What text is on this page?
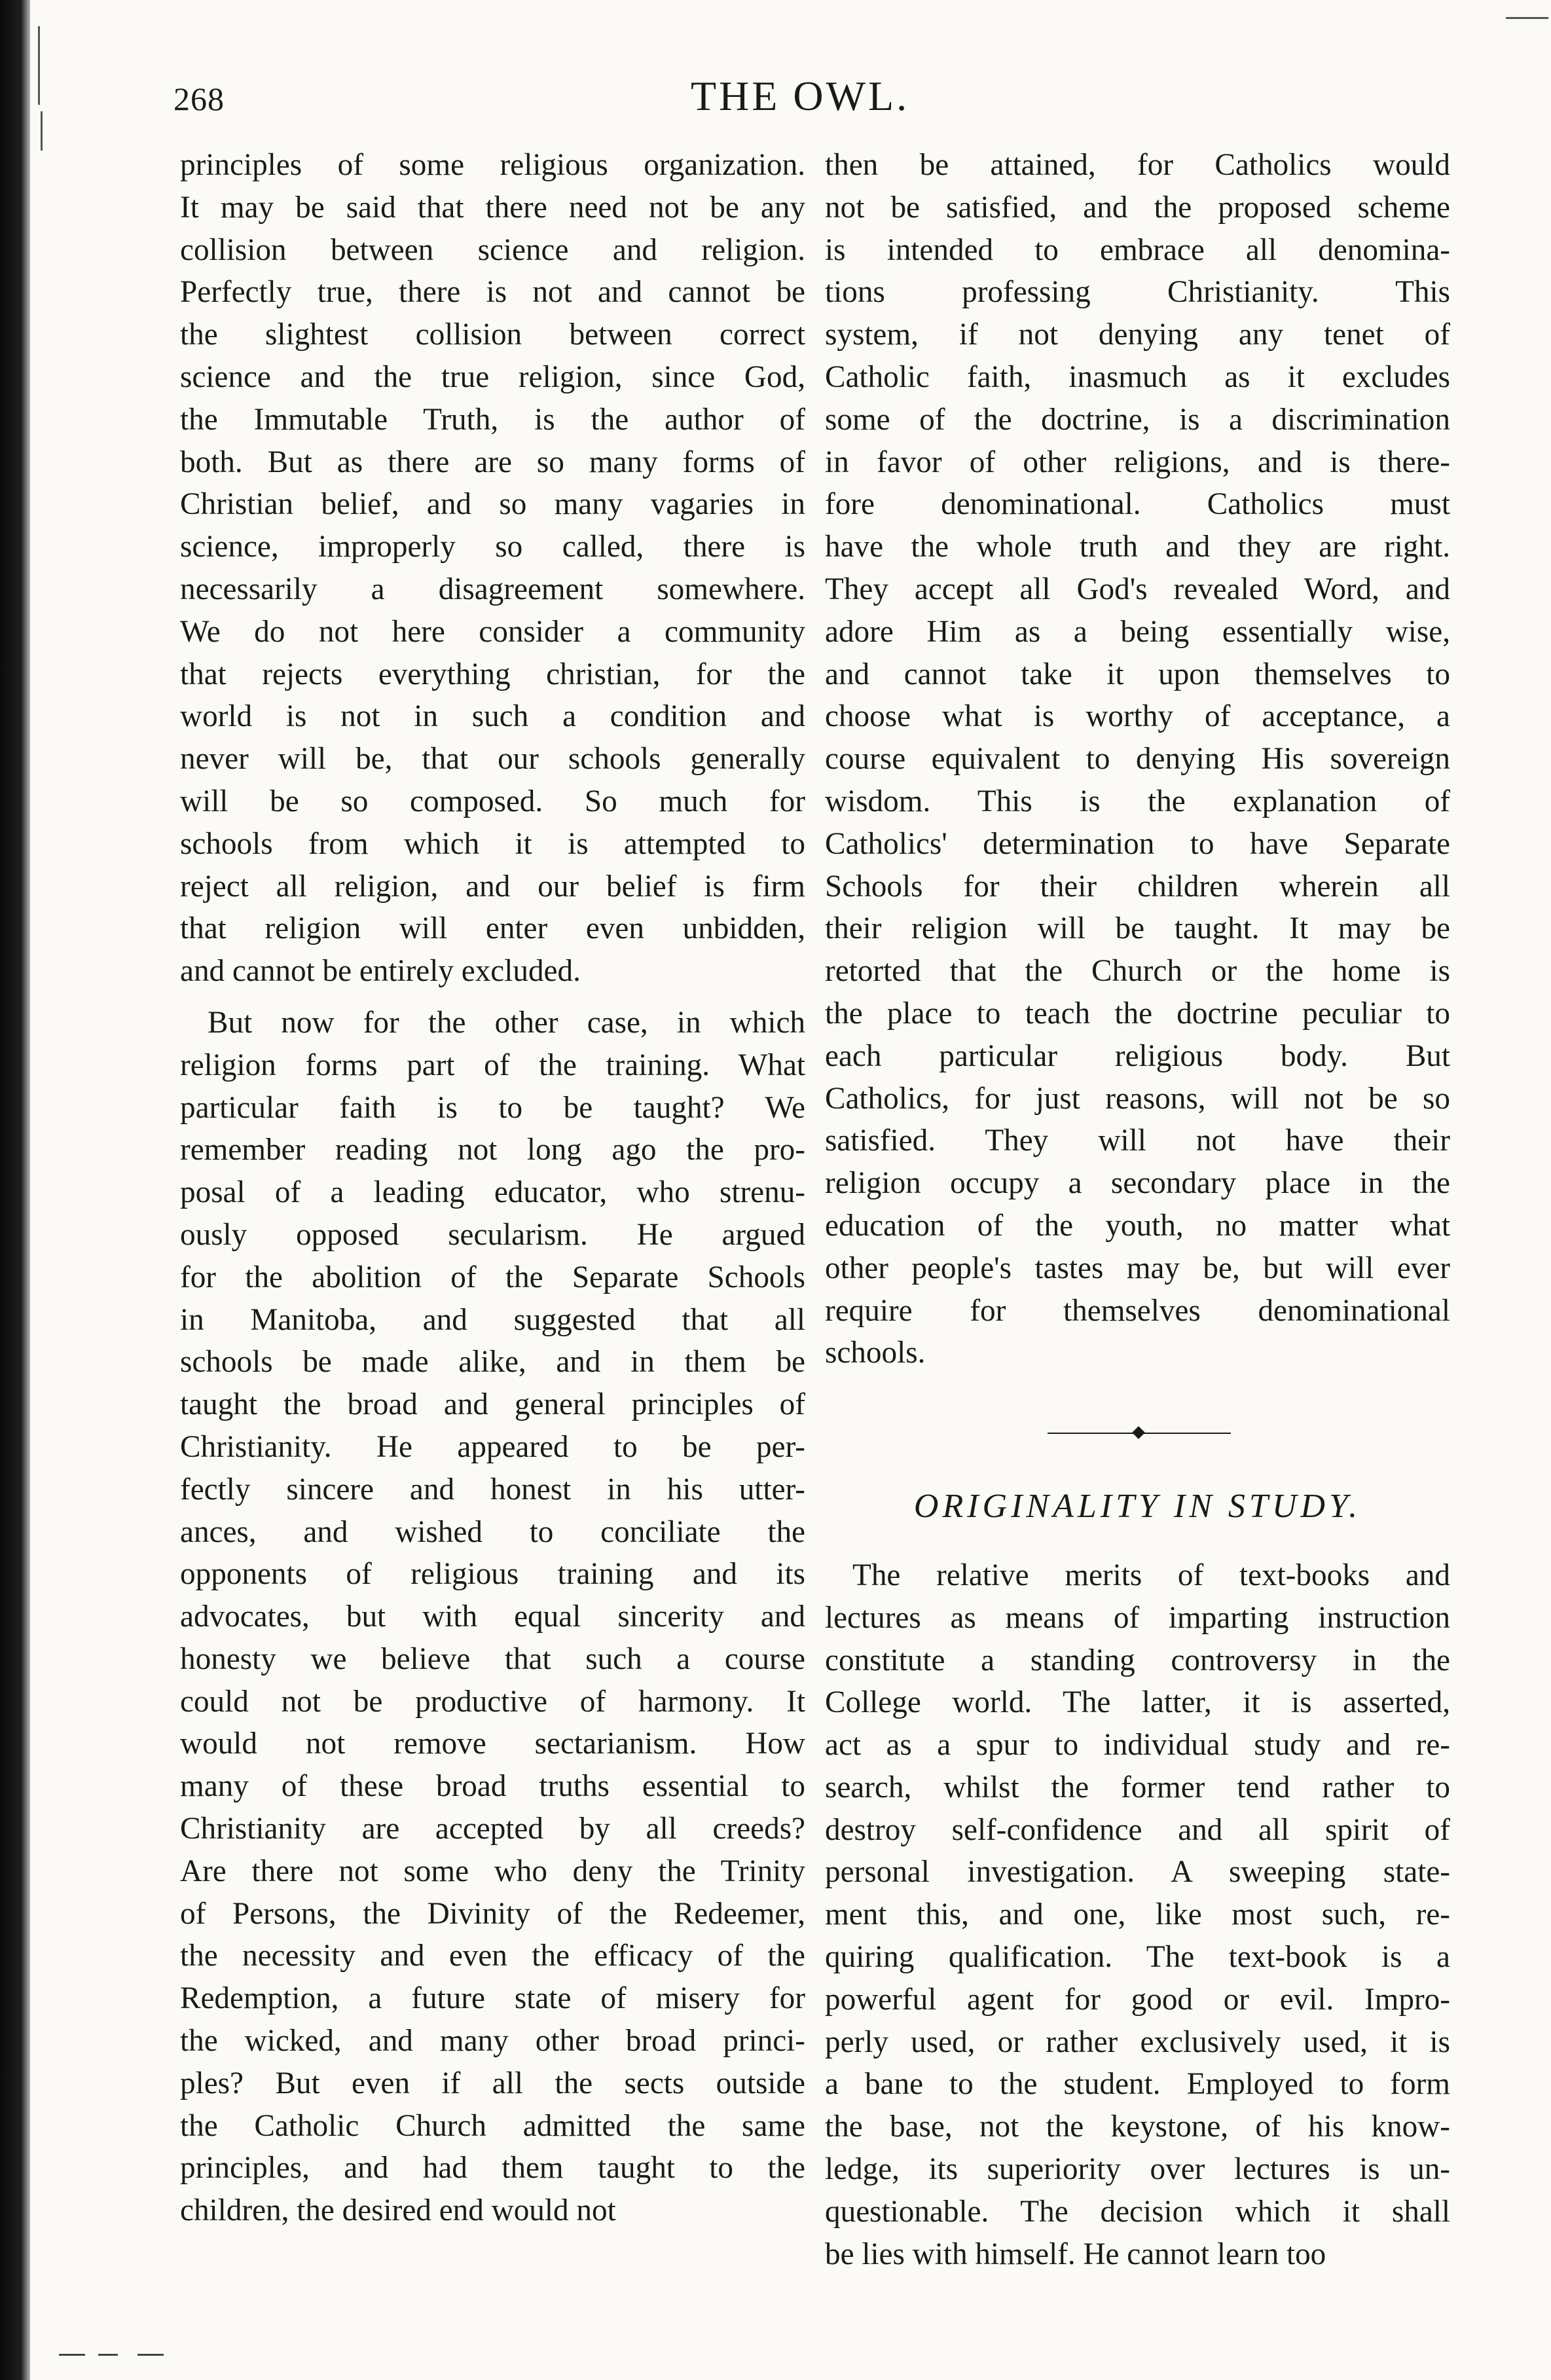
268	THE OWL.
principles of some religious organization.
It may be said that there need not be any
collision between science and religion.
Perfectly true, there is not and cannot be
the slightest collision between correct
science and the true religion, since God,
the Immutable Truth, is the author of
both. But as there are so many forms of
Christian belief, and so many vagaries in
science, improperly so called, there is
necessarily a disagreement somewhere.
We do not here consider a community
that rejects everything christian, for the
world is not in such a condition and
never will be, that our schools generally
will be so composed. So much for
schools from which it is attempted to
reject all religion, and our belief is firm
that religion will enter even unbidden,
and cannot be entirely excluded.
But now for the other case, in which
religion forms part of the training. What
particular faith is to be taught? We
remember reading not long ago the pro-
posal of a leading educator, who strenu-
ously opposed secularism. He argued
for the abolition of the Separate Schools
in Manitoba, and suggested that all
schools be made alike, and in them be
taught the broad and general principles of
Christianity. He appeared to be per-
fectly sincere and honest in his utter-
ances, and wished to conciliate the
opponents of religious training and its
advocates, but with equal sincerity and
honesty we believe that such a course
could not be productive of harmony. It
would not remove sectarianism. How
many of these broad truths essential to
Christianity are accepted by all creeds?
Are there not some who deny the Trinity
of Persons, the Divinity of the Redeemer,
the necessity and even the efficacy of the
Redemption, a future state of misery for
the wicked, and many other broad princi-
ples? But even if all the sects outside
the Catholic Church admitted the same
principles, and had them taught to the
children, the desired end would not
then be attained, for Catholics would
not be satisfied, and the proposed scheme
is intended to embrace all denomina-
tions professing Christianity. This
system, if not denying any tenet of
Catholic faith, inasmuch as it excludes
some of the doctrine, is a discrimination
in favor of other religions, and is there-
fore denominational. Catholics must
have the whole truth and they are right.
They accept all God's revealed Word, and
adore Him as a being essentially wise,
and cannot take it upon themselves to
choose what is worthy of acceptance, a
course equivalent to denying His sovereign
wisdom. This is the explanation of
Catholics' determination to have Separate
Schools for their children wherein all
their religion will be taught. It may be
retorted that the Church or the home is
the place to teach the doctrine peculiar to
each particular religious body. But
Catholics, for just reasons, will not be so
satisfied. They will not have their
religion occupy a secondary place in the
education of the youth, no matter what
other people's tastes may be, but will ever
require for themselves denominational
schools.
ORIGINALITY IN STUDY.
The relative merits of text-books and
lectures as means of imparting instruction
constitute a standing controversy in the
College world. The latter, it is asserted,
act as a spur to individual study and re-
search, whilst the former tend rather to
destroy self-confidence and all spirit of
personal investigation. A sweeping state-
ment this, and one, like most such, re-
quiring qualification. The text-book is a
powerful agent for good or evil. Impro-
perly used, or rather exclusively used, it is
a bane to the student. Employed to form
the base, not the keystone, of his know-
ledge, its superiority over lectures is un-
questionable. The decision which it shall
be lies with himself. He cannot learn too
